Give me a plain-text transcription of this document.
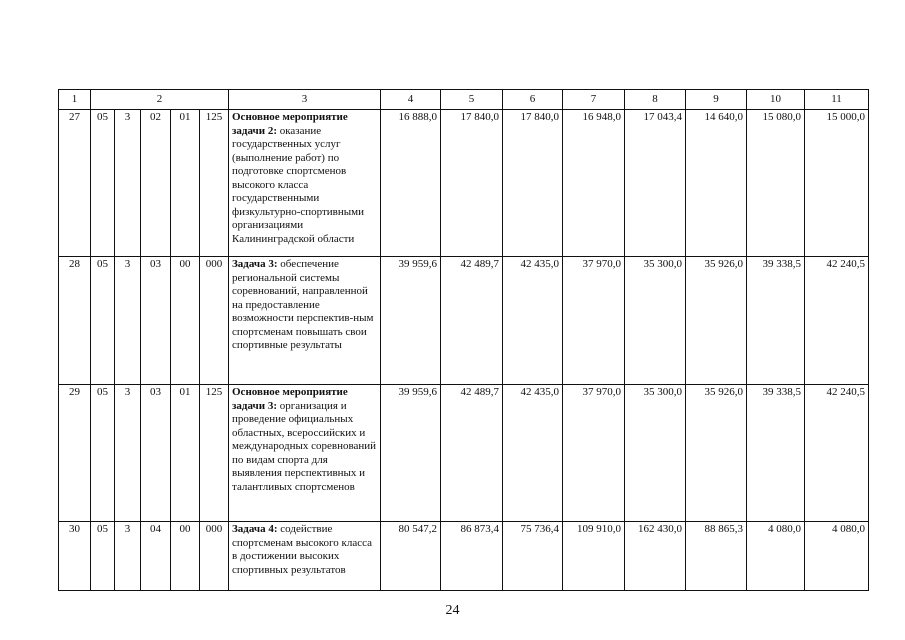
1	2					3	4	5	6	7	8	9	10	11
27	05	3	02	01	125	Основное мероприятие задачи 2: оказание государственных услуг (выполнение работ) по подготовке спортсменов высокого класса государственными физкультурно-спортивными организациями Калининградской области	16 888,0	17 840,0	17 840,0	16 948,0	17 043,4	14 640,0	15 080,0	15 000,0
28	05	3	03	00	000	Задача 3: обеспечение региональной системы соревнований, направленной на предоставление возможности перспектив-ным спортсменам повышать свои спортивные результаты	39 959,6	42 489,7	42 435,0	37 970,0	35 300,0	35 926,0	39 338,5	42 240,5
29	05	3	03	01	125	Основное мероприятие задачи 3: организация и проведение официальных областных, всероссийских и международных соревнований по видам спорта для выявления перспективных и талантливых спортсменов	39 959,6	42 489,7	42 435,0	37 970,0	35 300,0	35 926,0	39 338,5	42 240,5
30	05	3	04	00	000	Задача 4: содействие спортсменам высокого класса в достижении высоких спортивных результатов	80 547,2	86 873,4	75 736,4	109 910,0	162 430,0	88 865,3	4 080,0	4 080,0
24
